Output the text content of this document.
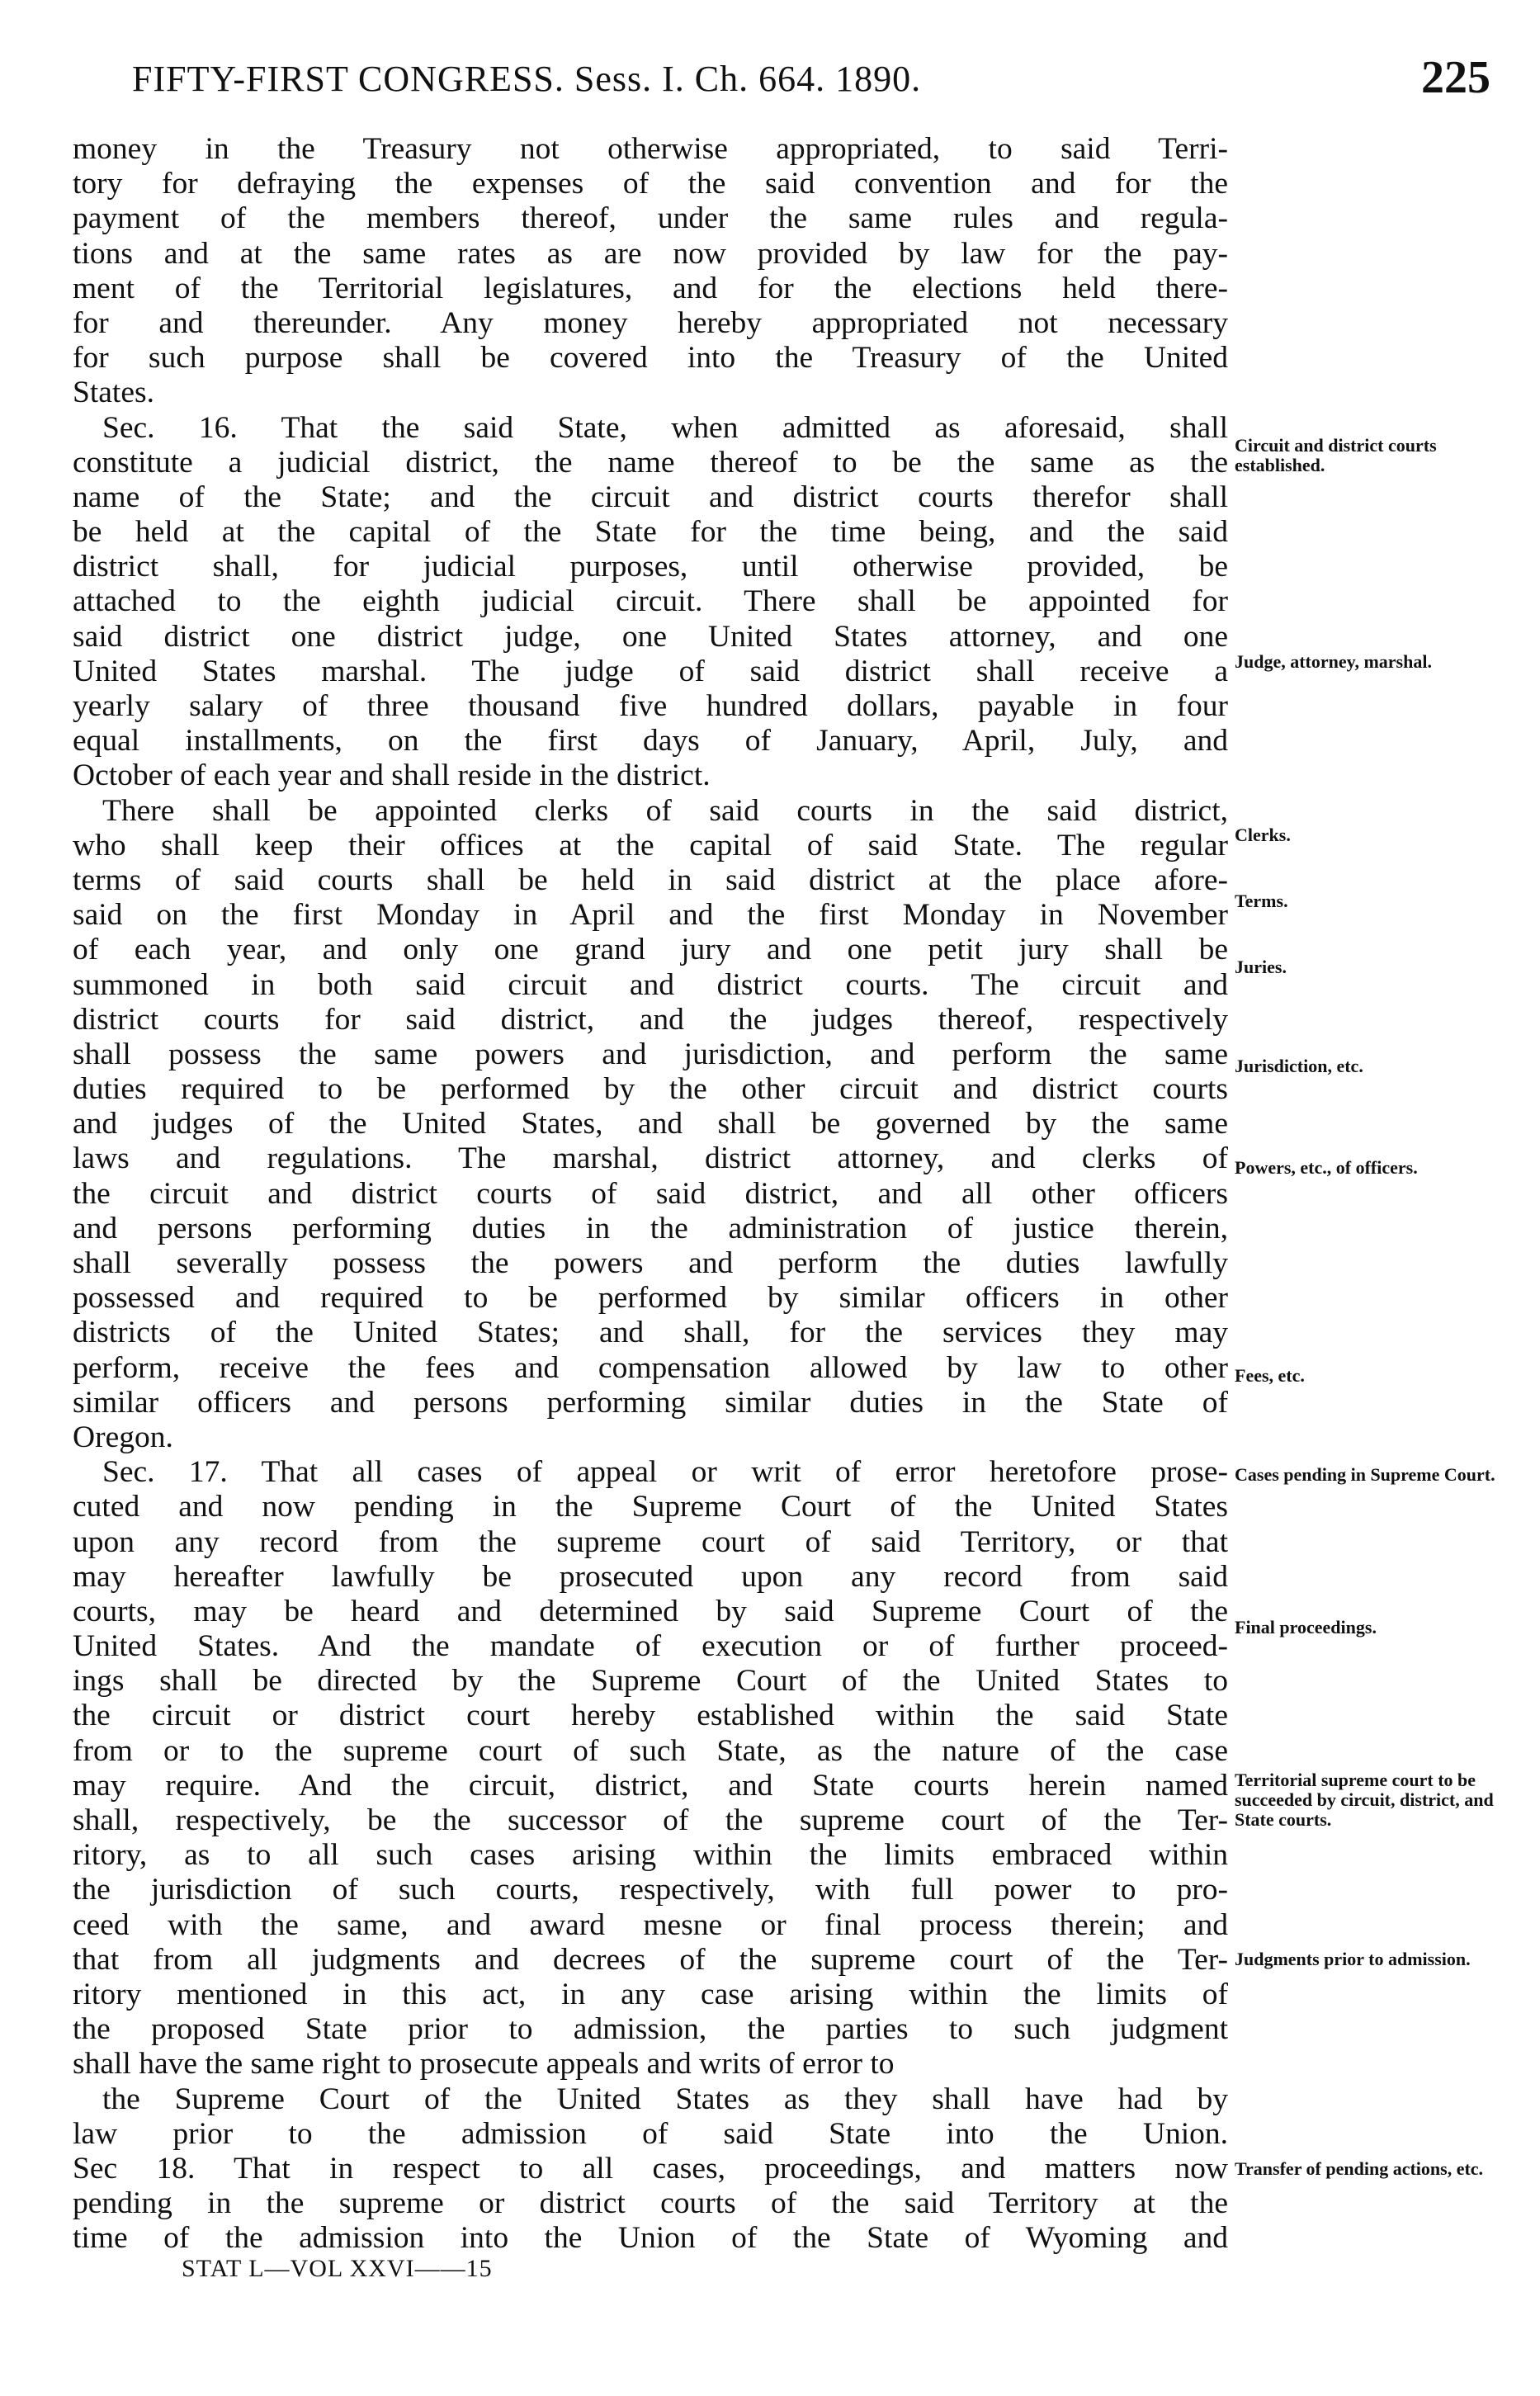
FIFTY-FIRST CONGRESS. Sess. I. Ch. 664. 1890.	225
money in the Treasury not otherwise appropriated, to said Terri-
tory for defraying the expenses of the said convention and for the
payment of the members thereof, under the same rules and regula-
tions and at the same rates as are now provided by law for the pay-
ment of the Territorial legislatures, and for the elections held there-
for and thereunder. Any money hereby appropriated not necessary
for such purpose shall be covered into the Treasury of the United
States.
Sec. 16. That the said State, when admitted as aforesaid, shall
constitute a judicial district, the name thereof to be the same as the
name of the State; and the circuit and district courts therefor shall
be held at the capital of the State for the time being, and the said
district shall, for judicial purposes, until otherwise provided, be
attached to the eighth judicial circuit. There shall be appointed for
said district one district judge, one United States attorney, and one
United States marshal. The judge of said district shall receive a
yearly salary of three thousand five hundred dollars, payable in four
equal installments, on the first days of January, April, July, and
October of each year and shall reside in the district.
There shall be appointed clerks of said courts in the said district,
who shall keep their offices at the capital of said State. The regular
terms of said courts shall be held in said district at the place afore-
said on the first Monday in April and the first Monday in November
of each year, and only one grand jury and one petit jury shall be
summoned in both said circuit and district courts. The circuit and
district courts for said district, and the judges thereof, respectively
shall possess the same powers and jurisdiction, and perform the same
duties required to be performed by the other circuit and district courts
and judges of the United States, and shall be governed by the same
laws and regulations. The marshal, district attorney, and clerks of
the circuit and district courts of said district, and all other officers
and persons performing duties in the administration of justice therein,
shall severally possess the powers and perform the duties lawfully
possessed and required to be performed by similar officers in other
districts of the United States; and shall, for the services they may
perform, receive the fees and compensation allowed by law to other
similar officers and persons performing similar duties in the State of
Oregon.
Sec. 17. That all cases of appeal or writ of error heretofore prose-
cuted and now pending in the Supreme Court of the United States
upon any record from the supreme court of said Territory, or that
may hereafter lawfully be prosecuted upon any record from said
courts, may be heard and determined by said Supreme Court of the
United States. And the mandate of execution or of further proceed-
ings shall be directed by the Supreme Court of the United States to
the circuit or district court hereby established within the said State
from or to the supreme court of such State, as the nature of the case
may require. And the circuit, district, and State courts herein named
shall, respectively, be the successor of the supreme court of the Ter-
ritory, as to all such cases arising within the limits embraced within
the jurisdiction of such courts, respectively, with full power to pro-
ceed with the same, and award mesne or final process therein; and
that from all judgments and decrees of the supreme court of the Ter-
ritory mentioned in this act, in any case arising within the limits of
the proposed State prior to admission, the parties to such judgment
shall have the same right to prosecute appeals and writs of error to
the Supreme Court of the United States as they shall have had by
law prior to the admission of said State into the Union.
Sec 18. That in respect to all cases, proceedings, and matters now
pending in the supreme or district courts of the said Territory at the
time of the admission into the Union of the State of Wyoming and
Circuit and district courts established.
Judge, attorney, marshal.
Clerks.
Terms.
Juries.
Jurisdiction, etc.
Powers, etc., of officers.
Fees, etc.
Cases pending in Supreme Court.
Final proceedings.
Territorial supreme court to be succeeded by circuit, district, and State courts.
Judgments prior to admission.
Transfer of pending actions, etc.
STAT L—VOL XXVI——15
